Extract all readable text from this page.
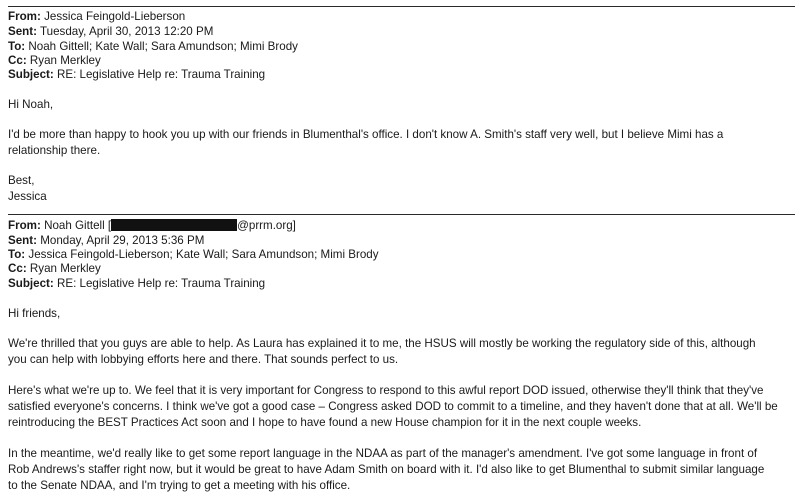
From: Jessica Feingold-Lieberson
Sent: Tuesday, April 30, 2013 12:20 PM
To: Noah Gittell; Kate Wall; Sara Amundson; Mimi Brody
Cc: Ryan Merkley
Subject: RE: Legislative Help re: Trauma Training
Hi Noah,
I'd be more than happy to hook you up with our friends in Blumenthal's office. I don't know A. Smith's staff very well, but I believe Mimi has a
relationship there.
Best,
Jessica
From: Noah Gittell [	@prrm.org]
Sent: Monday, April 29, 2013 5:36 PM
To: Jessica Feingold-Lieberson; Kate Wall; Sara Amundson; Mimi Brody
Cc: Ryan Merkley
Subject: RE: Legislative Help re: Trauma Training
Hi friends,
We're thrilled that you guys are able to help. As Laura has explained it to me, the HSUS will mostly be working the regulatory side of this, although
you can help with lobbying efforts here and there. That sounds perfect to us.
Here's what we're up to. We feel that it is very important for Congress to respond to this awful report DOD issued, otherwise they'll think that they've
satisfied everyone's concerns. I think we've got a good case – Congress asked DOD to commit to a timeline, and they haven't done that at all. We'll be
reintroducing the BEST Practices Act soon and I hope to have found a new House champion for it in the next couple weeks.
In the meantime, we'd really like to get some report language in the NDAA as part of the manager's amendment. I've got some language in front of
Rob Andrews's staffer right now, but it would be great to have Adam Smith on board with it. I'd also like to get Blumenthal to submit similar language
to the Senate NDAA, and I'm trying to get a meeting with his office.
